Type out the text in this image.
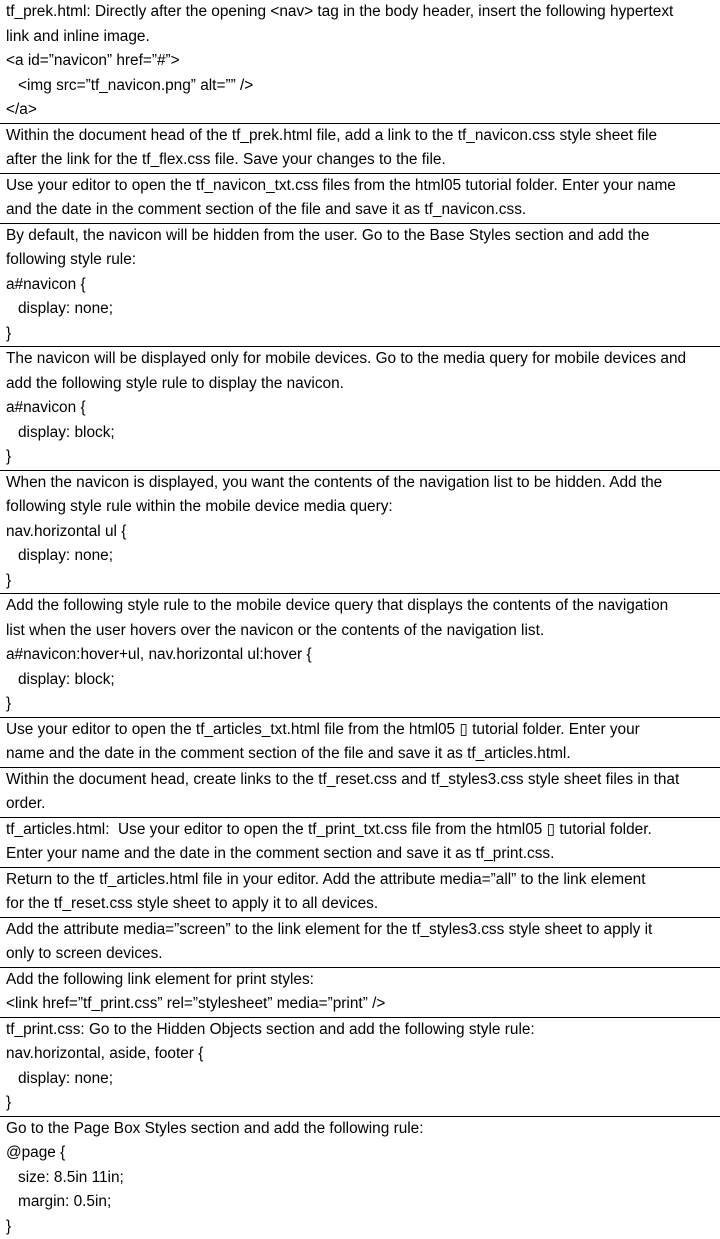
tf_prek.html: Directly after the opening <nav> tag in the body header, insert the following hypertext
link and inline image.
<a id=”navicon” href=”#”>
<img src=”tf_navicon.png” alt=”” />
</a>
Within the document head of the tf_prek.html file, add a link to the tf_navicon.css style sheet file
after the link for the tf_flex.css file. Save your changes to the file.
Use your editor to open the tf_navicon_txt.css files from the html05 tutorial folder. Enter your name
and the date in the comment section of the file and save it as tf_navicon.css.
By default, the navicon will be hidden from the user. Go to the Base Styles section and add the
following style rule:
a#navicon {
display: none;
}
The navicon will be displayed only for mobile devices. Go to the media query for mobile devices and
add the following style rule to display the navicon.
a#navicon {
display: block;
}
When the navicon is displayed, you want the contents of the navigation list to be hidden. Add the
following style rule within the mobile device media query:
nav.horizontal ul {
display: none;
}
Add the following style rule to the mobile device query that displays the contents of the navigation
list when the user hovers over the navicon or the contents of the navigation list.
a#navicon:hover+ul, nav.horizontal ul:hover {
display: block;
}
Use your editor to open the tf_articles_txt.html file from the html05 ▯ tutorial folder. Enter your
name and the date in the comment section of the file and save it as tf_articles.html.
Within the document head, create links to the tf_reset.css and tf_styles3.css style sheet files in that
order.
tf_articles.html:  Use your editor to open the tf_print_txt.css file from the html05 ▯ tutorial folder.
Enter your name and the date in the comment section and save it as tf_print.css.
Return to the tf_articles.html file in your editor. Add the attribute media=”all” to the link element
for the tf_reset.css style sheet to apply it to all devices.
Add the attribute media=”screen” to the link element for the tf_styles3.css style sheet to apply it
only to screen devices.
Add the following link element for print styles:
<link href=”tf_print.css” rel=”stylesheet” media=”print” />
tf_print.css: Go to the Hidden Objects section and add the following style rule:
nav.horizontal, aside, footer {
display: none;
}
Go to the Page Box Styles section and add the following rule:
@page {
size: 8.5in 11in;
margin: 0.5in;
}
